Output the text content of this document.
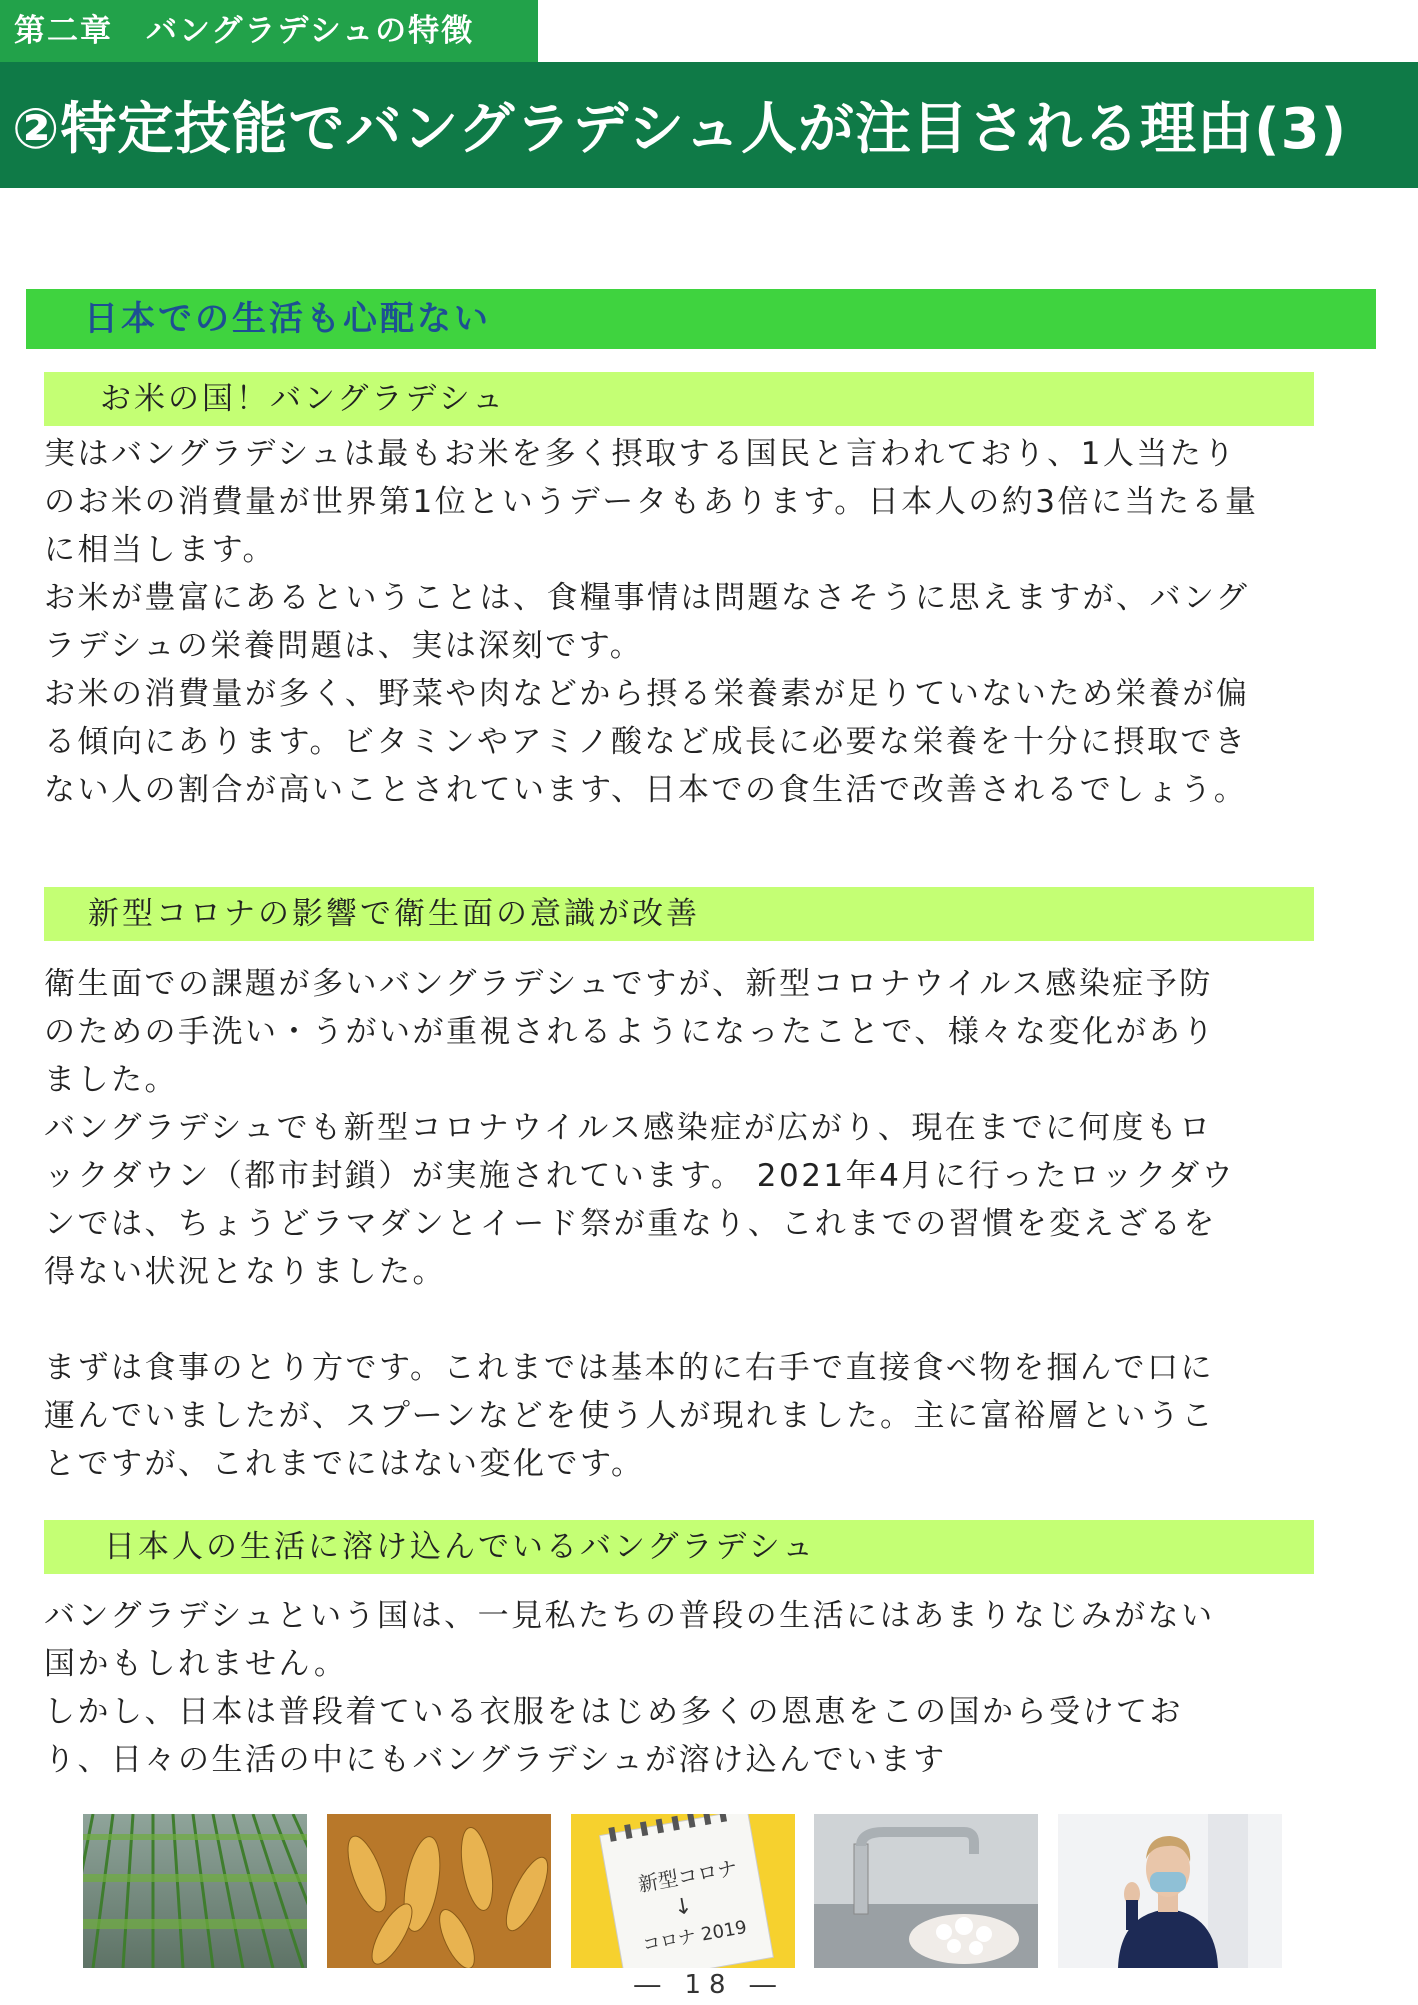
第二章　バングラデシュの特徴
②特定技能でバングラデシュ人が注目される理由(3)
日本での生活も心配ない
お米の国！バングラデシュ
実はバングラデシュは最もお米を多く摂取する国民と言われており、1人当たり
のお米の消費量が世界第1位というデータもあります。日本人の約3倍に当たる量
に相当します。
お米が豊富にあるということは、食糧事情は問題なさそうに思えますが、バング
ラデシュの栄養問題は、実は深刻です。
お米の消費量が多く、野菜や肉などから摂る栄養素が足りていないため栄養が偏
る傾向にあります。ビタミンやアミノ酸など成長に必要な栄養を十分に摂取でき
ない人の割合が高いことされています、日本での食生活で改善されるでしょう。
新型コロナの影響で衛生面の意識が改善
衛生面での課題が多いバングラデシュですが、新型コロナウイルス感染症予防
のための手洗い・うがいが重視されるようになったことで、様々な変化があり
ました。
バングラデシュでも新型コロナウイルス感染症が広がり、現在までに何度もロ
ックダウン（都市封鎖）が実施されています。 2021年4月に行ったロックダウ
ンでは、ちょうどラマダンとイード祭が重なり、これまでの習慣を変えざるを
得ない状況となりました。
まずは食事のとり方です。これまでは基本的に右手で直接食べ物を掴んで口に
運んでいましたが、スプーンなどを使う人が現れました。主に富裕層というこ
とですが、これまでにはない変化です。
日本人の生活に溶け込んでいるバングラデシュ
バングラデシュという国は、一見私たちの普段の生活にはあまりなじみがない
国かもしれません。
しかし、日本は普段着ている衣服をはじめ多くの恩恵をこの国から受けてお
り、日々の生活の中にもバングラデシュが溶け込んでいます
新型コロナ
↓
コロナ 2019
― 18 ―
